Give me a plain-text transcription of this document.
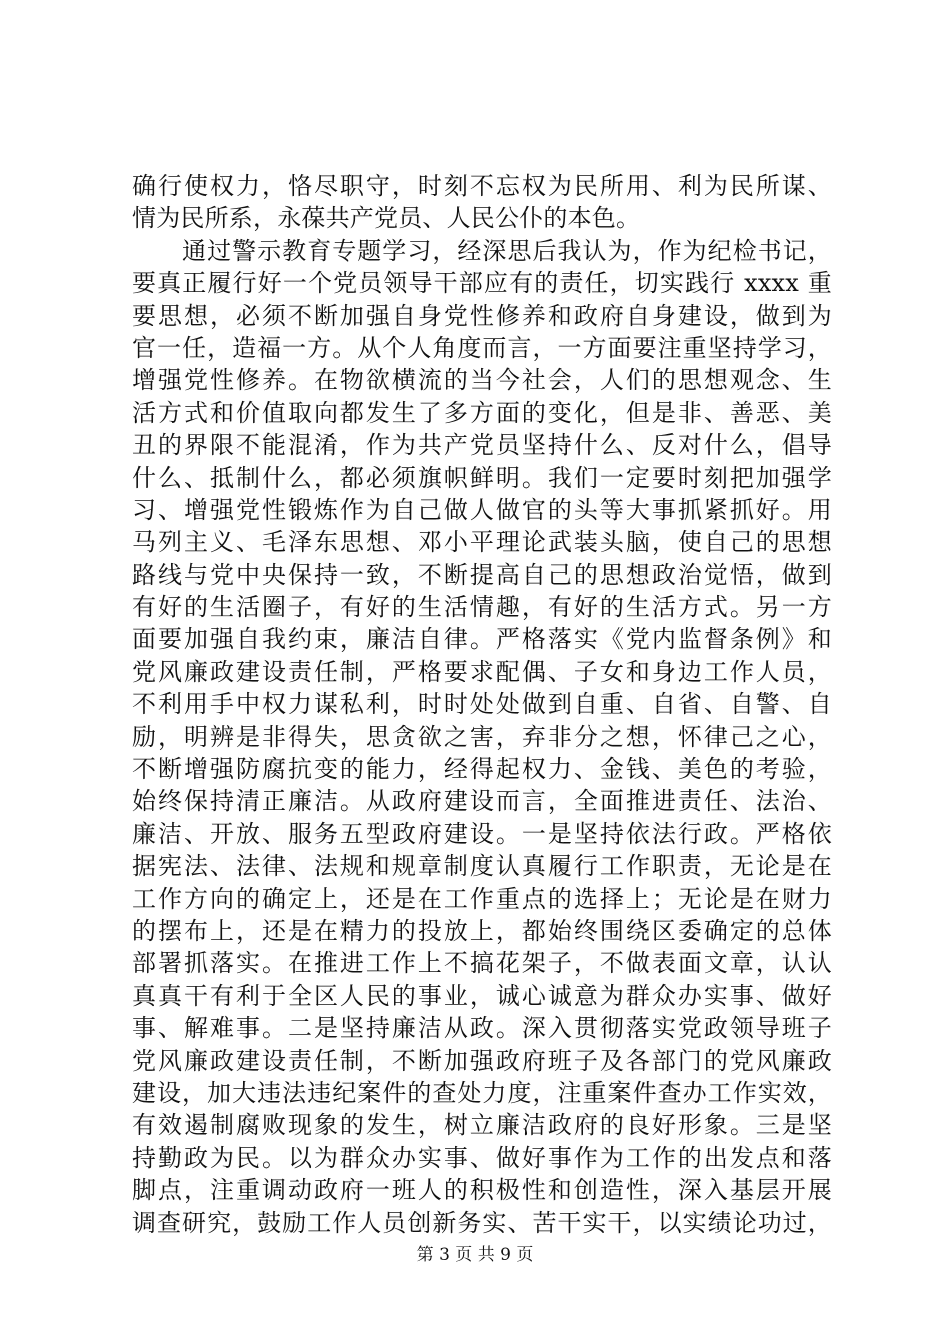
确行使权力，恪尽职守，时刻不忘权为民所用、利为民所谋、
情为民所系，永葆共产党员、人民公仆的本色。
　　通过警示教育专题学习，经深思后我认为，作为纪检书记，
要真正履行好一个党员领导干部应有的责任，切实践行 xxxx 重
要思想，必须不断加强自身党性修养和政府自身建设，做到为
官一任，造福一方。从个人角度而言，一方面要注重坚持学习，
增强党性修养。在物欲横流的当今社会，人们的思想观念、生
活方式和价值取向都发生了多方面的变化，但是非、善恶、美
丑的界限不能混淆，作为共产党员坚持什么、反对什么，倡导
什么、抵制什么，都必须旗帜鲜明。我们一定要时刻把加强学
习、增强党性锻炼作为自己做人做官的头等大事抓紧抓好。用
马列主义、毛泽东思想、邓小平理论武装头脑，使自己的思想
路线与党中央保持一致，不断提高自己的思想政治觉悟，做到
有好的生活圈子，有好的生活情趣，有好的生活方式。另一方
面要加强自我约束，廉洁自律。严格落实《党内监督条例》和
党风廉政建设责任制，严格要求配偶、子女和身边工作人员，
不利用手中权力谋私利，时时处处做到自重、自省、自警、自
励，明辨是非得失，思贪欲之害，弃非分之想，怀律己之心，
不断增强防腐抗变的能力，经得起权力、金钱、美色的考验，
始终保持清正廉洁。从政府建设而言，全面推进责任、法治、
廉洁、开放、服务五型政府建设。一是坚持依法行政。严格依
据宪法、法律、法规和规章制度认真履行工作职责，无论是在
工作方向的确定上，还是在工作重点的选择上；无论是在财力
的摆布上，还是在精力的投放上，都始终围绕区委确定的总体
部署抓落实。在推进工作上不搞花架子，不做表面文章，认认
真真干有利于全区人民的事业，诚心诚意为群众办实事、做好
事、解难事。二是坚持廉洁从政。深入贯彻落实党政领导班子
党风廉政建设责任制，不断加强政府班子及各部门的党风廉政
建设，加大违法违纪案件的查处力度，注重案件查办工作实效，
有效遏制腐败现象的发生，树立廉洁政府的良好形象。三是坚
持勤政为民。以为群众办实事、做好事作为工作的出发点和落
脚点，注重调动政府一班人的积极性和创造性，深入基层开展
调查研究，鼓励工作人员创新务实、苦干实干，以实绩论功过，
第 3 页 共 9 页
